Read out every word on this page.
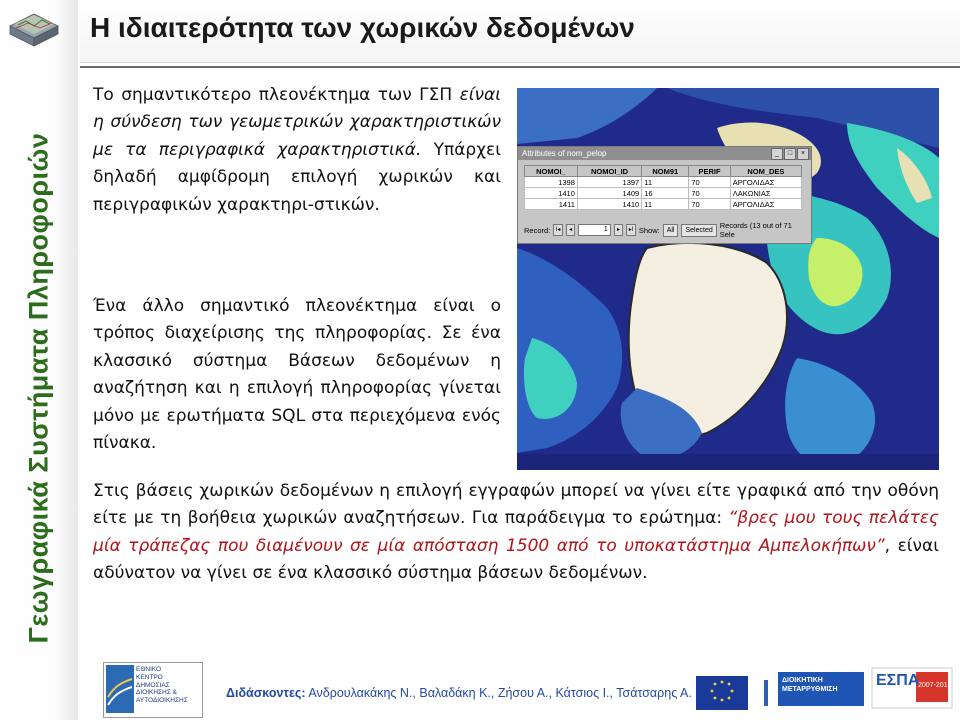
Γεωγραφικά Συστήματα Πληροφοριών
Η ιδιαιτερότητα των χωρικών δεδομένων
Το σημαντικότερο πλεονέκτημα των ΓΣΠ είναι η σύνδεση των γεωμετρικών χαρακτηριστικών με τα περιγραφικά χαρακτηριστικά. Υπάρχει δηλαδή αμφίδρομη επιλογή χωρικών και περιγραφικών χαρακτηρι-στικών.
Ένα άλλο σημαντικό πλεονέκτημα είναι ο τρόπος διαχείρισης της πληροφορίας. Σε ένα κλασσικό σύστημα Βάσεων δεδομένων η αναζήτηση και η επιλογή πληροφορίας γίνεται μόνο με ερωτήματα SQL στα περιεχόμενα ενός πίνακα.
Attributes of nom_pelop	_	□	×
NOMOI_	NOMOI_ID	NOM91	PERIF	NOM_DES
1398	1397	11	70	ΑΡΓΟΛΙΔΑΣ
1410	1409	16	70	ΛΑΚΩΝΙΑΣ
1411	1410	11	70	ΑΡΓΟΛΙΔΑΣ
Record: I◂	◂	1	▸	▸I Show:	All	Selected Records (13 out of 71 Sele
Στις βάσεις χωρικών δεδομένων η επιλογή εγγραφών μπορεί να γίνει είτε γραφικά από την οθόνη είτε με τη βοήθεια χωρικών αναζητήσεων. Για παράδειγμα το ερώτημα: “βρες μου τους πελάτες μία τράπεζας που διαμένουν σε μία απόσταση 1500 από το υποκατάστημα Αμπελοκήπων”, είναι αδύνατον να γίνει σε ένα κλασσικό σύστημα βάσεων δεδομένων.
ΕΘΝΙΚΟ
ΚΕΝΤΡΟ
ΔΗΜΟΣΙΑΣ
ΔΙΟΙΚΗΣΗΣ &
ΑΥΤΟΔΙΟΙΚΗΣΗΣ
Διδάσκοντες: Ανδρουλακάκης Ν., Βαλαδάκη Κ., Ζήσου Α., Κάτσιος Ι., Τσάτσαρης Α.
ΔΙΟΙΚΗΤΙΚΗ ΜΕΤΑΡΡΥΘΜΙΣΗ
ΕΣΠΑ
2007-2013
